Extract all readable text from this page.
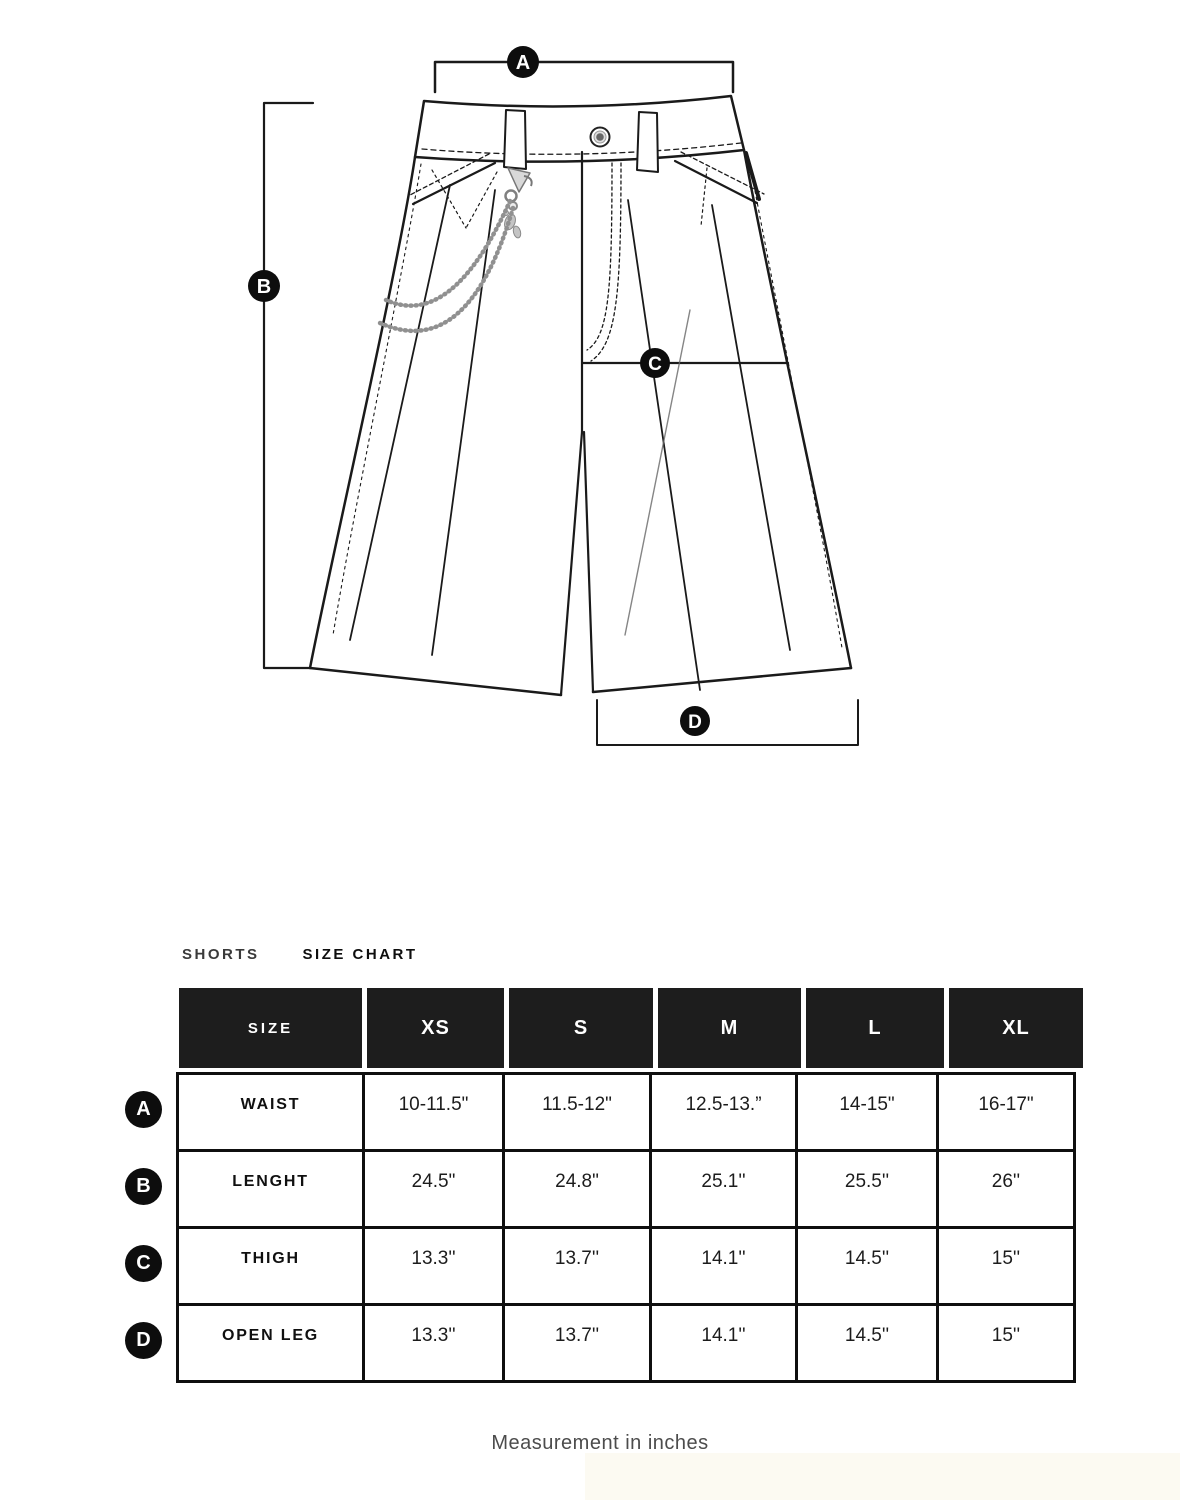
A
B
C
D
SHORTS	SIZE CHART
SIZE	XS	S	M	L	XL
WAIST	10-11.5"	11.5-12"	12.5-13.”	14-15"	16-17"
LENGHT	24.5"	24.8"	25.1''	25.5''	26''
THIGH	13.3''	13.7''	14.1''	14.5''	15''
OPEN LEG	13.3''	13.7''	14.1''	14.5''	15''
A
B
C
D
Measurement in inches
